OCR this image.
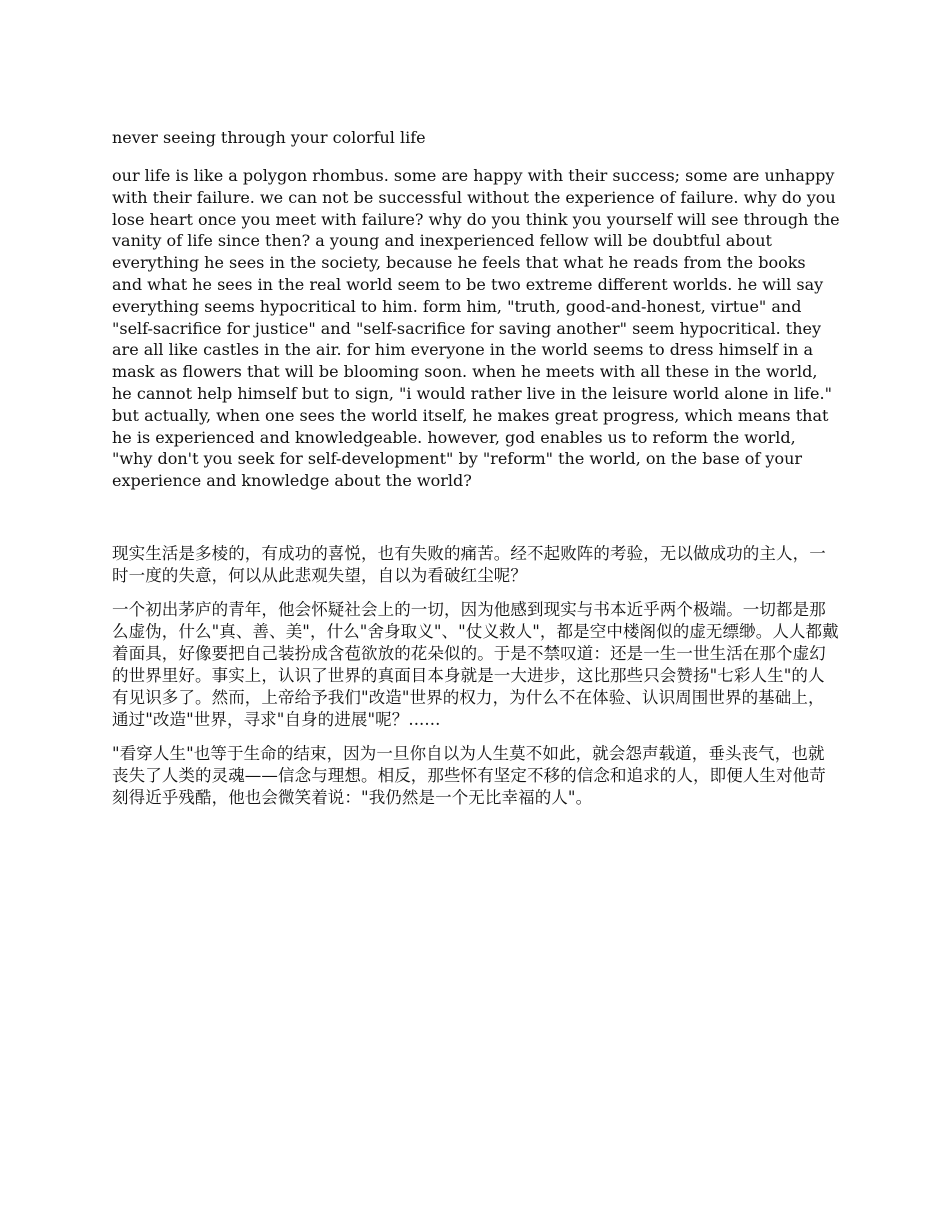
never seeing through your colorful life

our life is like a polygon rhombus. some are happy with their success; some are unhappy with their failure. we can not be successful without the experience of failure. why do you lose heart once you meet with failure? why do you think you yourself will see through the vanity of life since then? a young and inexperienced fellow will be doubtful about everything he sees in the society, because he feels that what he reads from the books and what he sees in the real world seem to be two extreme different worlds. he will say everything seems hypocritical to him. form him, "truth, good-and-honest, virtue" and "self-sacrifice for justice" and "self-sacrifice for saving another" seem hypocritical. they are all like castles in the air. for him everyone in the world seems to dress himself in a mask as flowers that will be blooming soon. when he meets with all these in the world, he cannot help himself but to sign, "i would rather live in the leisure world alone in life." but actually, when one sees the world itself, he makes great progress, which means that he is experienced and knowledgeable. however, god enables us to reform the world, "why don't you seek for self-development" by "reform" the world, on the base of your experience and knowledge about the world?

现实生活是多棱的，有成功的喜悦，也有失败的痛苦。经不起败阵的考验，无以做成功的主人，一时一度的失意，何以从此悲观失望，自以为看破红尘呢？

一个初出茅庐的青年，他会怀疑社会上的一切，因为他感到现实与书本近乎两个极端。一切都是那么虚伪，什么"真、善、美"，什么"舍身取义"、"仗义救人"，都是空中楼阁似的虚无缥缈。人人都戴着面具，好像要把自己装扮成含苞欲放的花朵似的。于是不禁叹道：还是一生一世生活在那个虚幻的世界里好。事实上，认识了世界的真面目本身就是一大进步，这比那些只会赞扬"七彩人生"的人有见识多了。然而，上帝给予我们"改造"世界的权力，为什么不在体验、认识周围世界的基础上，通过"改造"世界，寻求"自身的进展"呢？......

"看穿人生"也等于生命的结束，因为一旦你自以为人生莫不如此，就会怨声载道，垂头丧气，也就丧失了人类的灵魂——信念与理想。相反，那些怀有坚定不移的信念和追求的人，即便人生对他苛刻得近乎残酷，他也会微笑着说："我仍然是一个无比幸福的人"。
